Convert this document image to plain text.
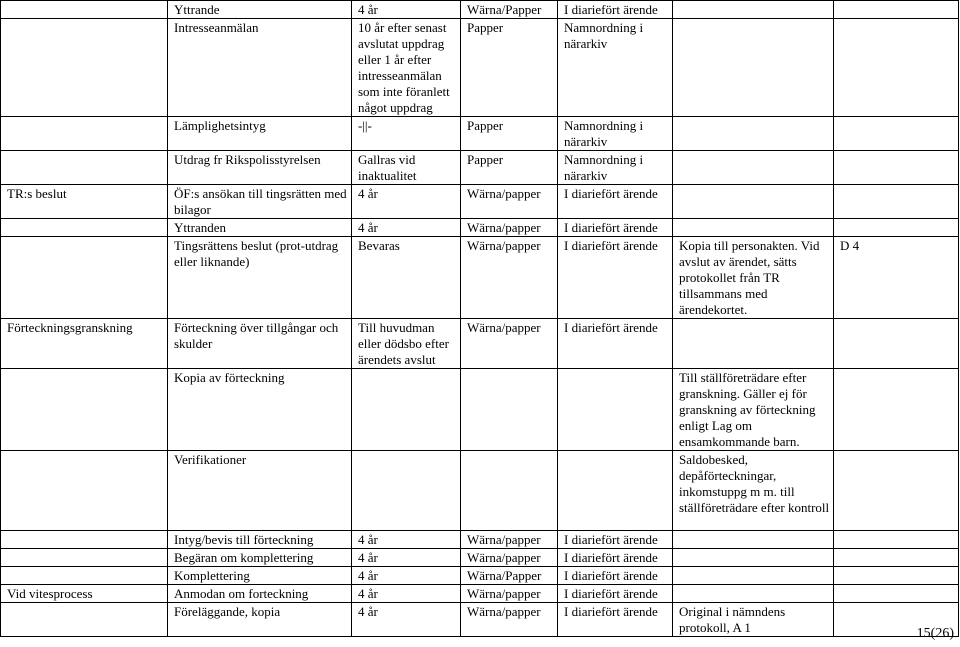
	Yttrande	4 år	Wärna/Papper	I diariefört ärende		
	Intresseanmälan	10 år efter senast avslutat uppdrag eller 1 år efter intresseanmälan som inte föranlett något uppdrag	Papper	Namnordning i närarkiv		
	Lämplighetsintyg	-||-	Papper	Namnordning i närarkiv		
	Utdrag fr Rikspolisstyrelsen	Gallras vid inaktualitet	Papper	Namnordning i närarkiv		
TR:s beslut	ÖF:s ansökan till tingsrätten med bilagor	4 år	Wärna/papper	I diariefört ärende		
	Yttranden	4 år	Wärna/papper	I diariefört ärende		
	Tingsrättens beslut (prot-utdrag eller liknande)	Bevaras	Wärna/papper	I diariefört ärende	Kopia till personakten. Vid avslut av ärendet, sätts protokollet från TR tillsammans med ärendekortet.	D 4
Förteckningsgranskning	Förteckning över tillgångar och skulder	Till huvudman eller dödsbo efter ärendets avslut	Wärna/papper	I diariefört ärende		
	Kopia av förteckning				Till ställföreträdare efter granskning. Gäller ej för granskning av förteckning enligt Lag om ensamkommande barn.	
	Verifikationer				Saldobesked, depåförteckningar, inkomstuppg m m. till ställföreträdare efter kontroll	
	Intyg/bevis till förteckning	4 år	Wärna/papper	I diariefört ärende		
	Begäran om komplettering	4 år	Wärna/papper	I diariefört ärende		
	Komplettering	4 år	Wärna/Papper	I diariefört ärende		
Vid vitesprocess	Anmodan om forteckning	4 år	Wärna/papper	I diariefört ärende		
	Föreläggande, kopia	4 år	Wärna/papper	I diariefört ärende	Original i nämndens protokoll, A 1		15(26)
